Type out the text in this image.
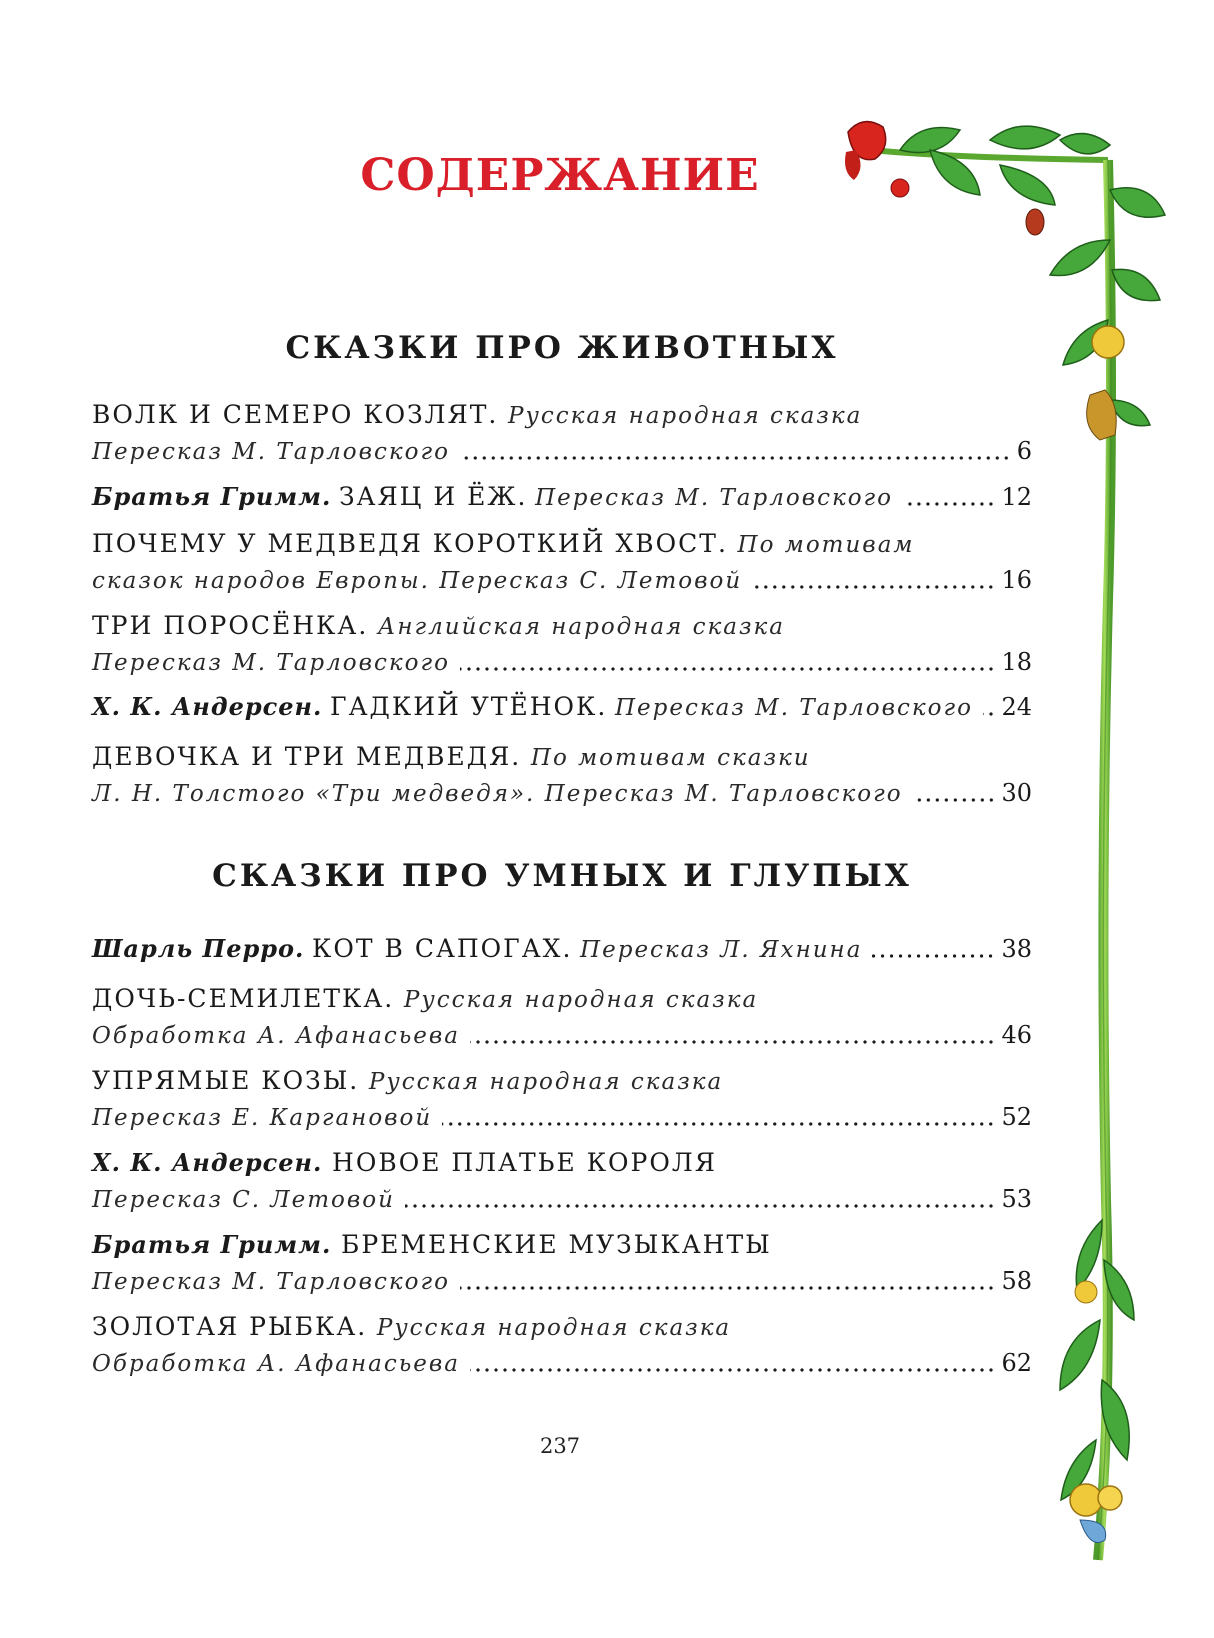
СОДЕРЖАНИЕ
СКАЗКИ ПРО ЖИВОТНЫХ
ВОЛК И СЕМЕРО КОЗЛЯТ.
Русская народная сказка
Пересказ М. Тарловского	6
Братья Гримм.
ЗАЯЦ И ЁЖ.
Пересказ М. Тарловского	12
ПОЧЕМУ У МЕДВЕДЯ КОРОТКИЙ ХВОСТ.
По мотивам
сказок народов Европы. Пересказ С. Летовой	16
ТРИ ПОРОСЁНКА.
Английская народная сказка
Пересказ М. Тарловского	18
Х. К. Андерсен.
ГАДКИЙ УТЁНОК.
Пересказ М. Тарловского 24
ДЕВОЧКА И ТРИ МЕДВЕДЯ.
По мотивам сказки
Л. Н. Толстого «Три медведя». Пересказ М. Тарловского	30
СКАЗКИ ПРО УМНЫХ И ГЛУПЫХ
Шарль Перро.
КОТ В САПОГАХ.
Пересказ Л. Яхнина	38
ДОЧЬ-СЕМИЛЕТКА.
Русская народная сказка
Обработка А. Афанасьева	46
УПРЯМЫЕ КОЗЫ.
Русская народная сказка
Пересказ Е. Каргановой	52
Х. К. Андерсен.
НОВОЕ ПЛАТЬЕ КОРОЛЯ
Пересказ С. Летовой	53
Братья Гримм.
БРЕМЕНСКИЕ МУЗЫКАНТЫ
Пересказ М. Тарловского	58
ЗОЛОТАЯ РЫБКА.
Русская народная сказка
Обработка А. Афанасьева	62
237
